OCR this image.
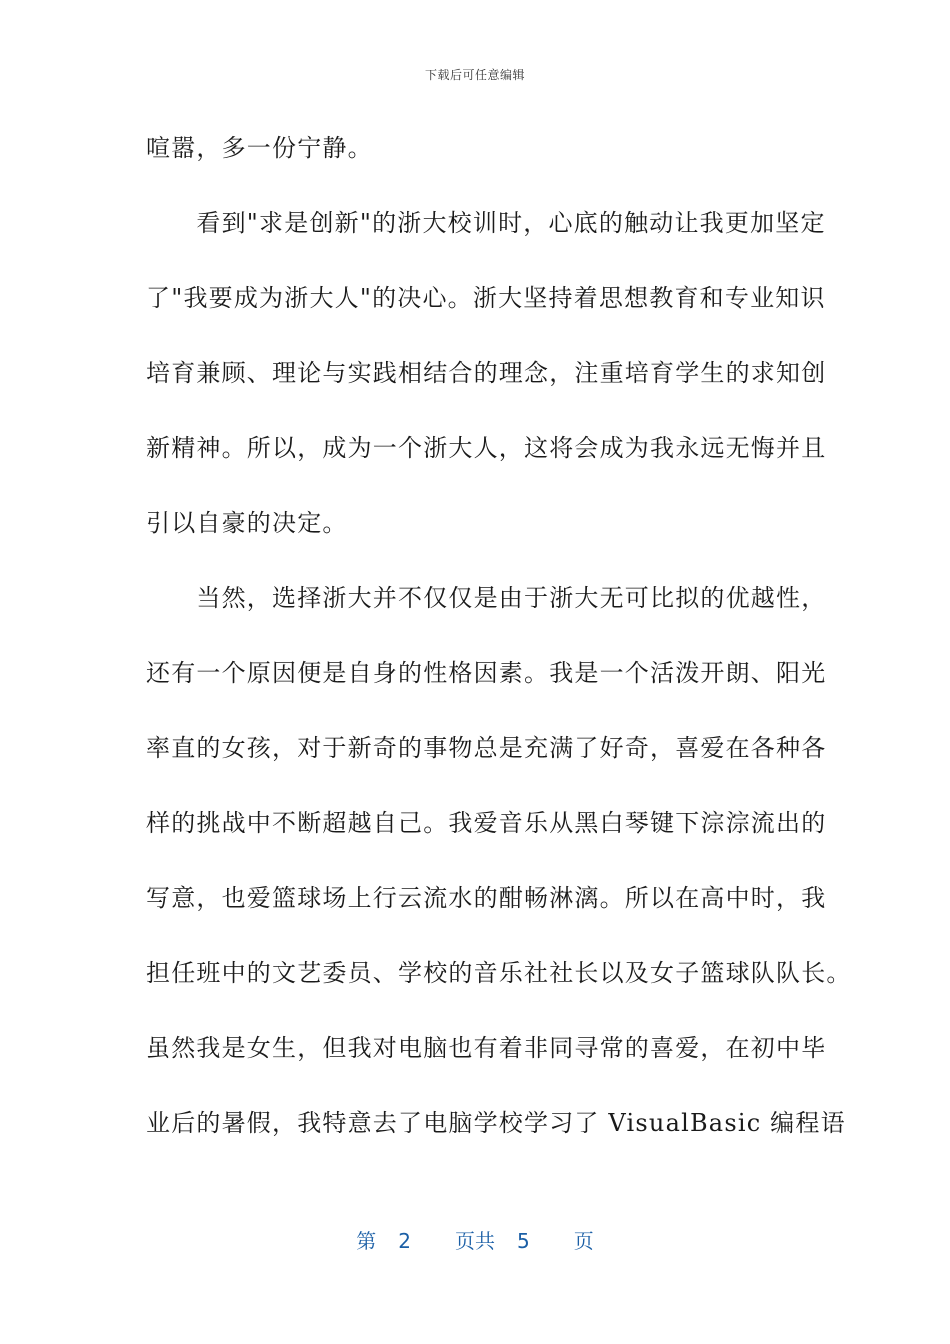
下载后可任意编辑
喧嚣，多一份宁静。
　　看到"求是创新"的浙大校训时，心底的触动让我更加坚定
了"我要成为浙大人"的决心。浙大坚持着思想教育和专业知识
培育兼顾、理论与实践相结合的理念，注重培育学生的求知创
新精神。所以，成为一个浙大人，这将会成为我永远无悔并且
引以自豪的决定。
　　当然，选择浙大并不仅仅是由于浙大无可比拟的优越性，
还有一个原因便是自身的性格因素。我是一个活泼开朗、阳光
率直的女孩，对于新奇的事物总是充满了好奇，喜爱在各种各
样的挑战中不断超越自己。我爱音乐从黑白琴键下淙淙流出的
写意，也爱篮球场上行云流水的酣畅淋漓。所以在高中时，我
担任班中的文艺委员、学校的音乐社社长以及女子篮球队队长。
虽然我是女生，但我对电脑也有着非同寻常的喜爱，在初中毕
业后的暑假，我特意去了电脑学校学习了 VisualBasic 编程语
第 2 页共 5 页
